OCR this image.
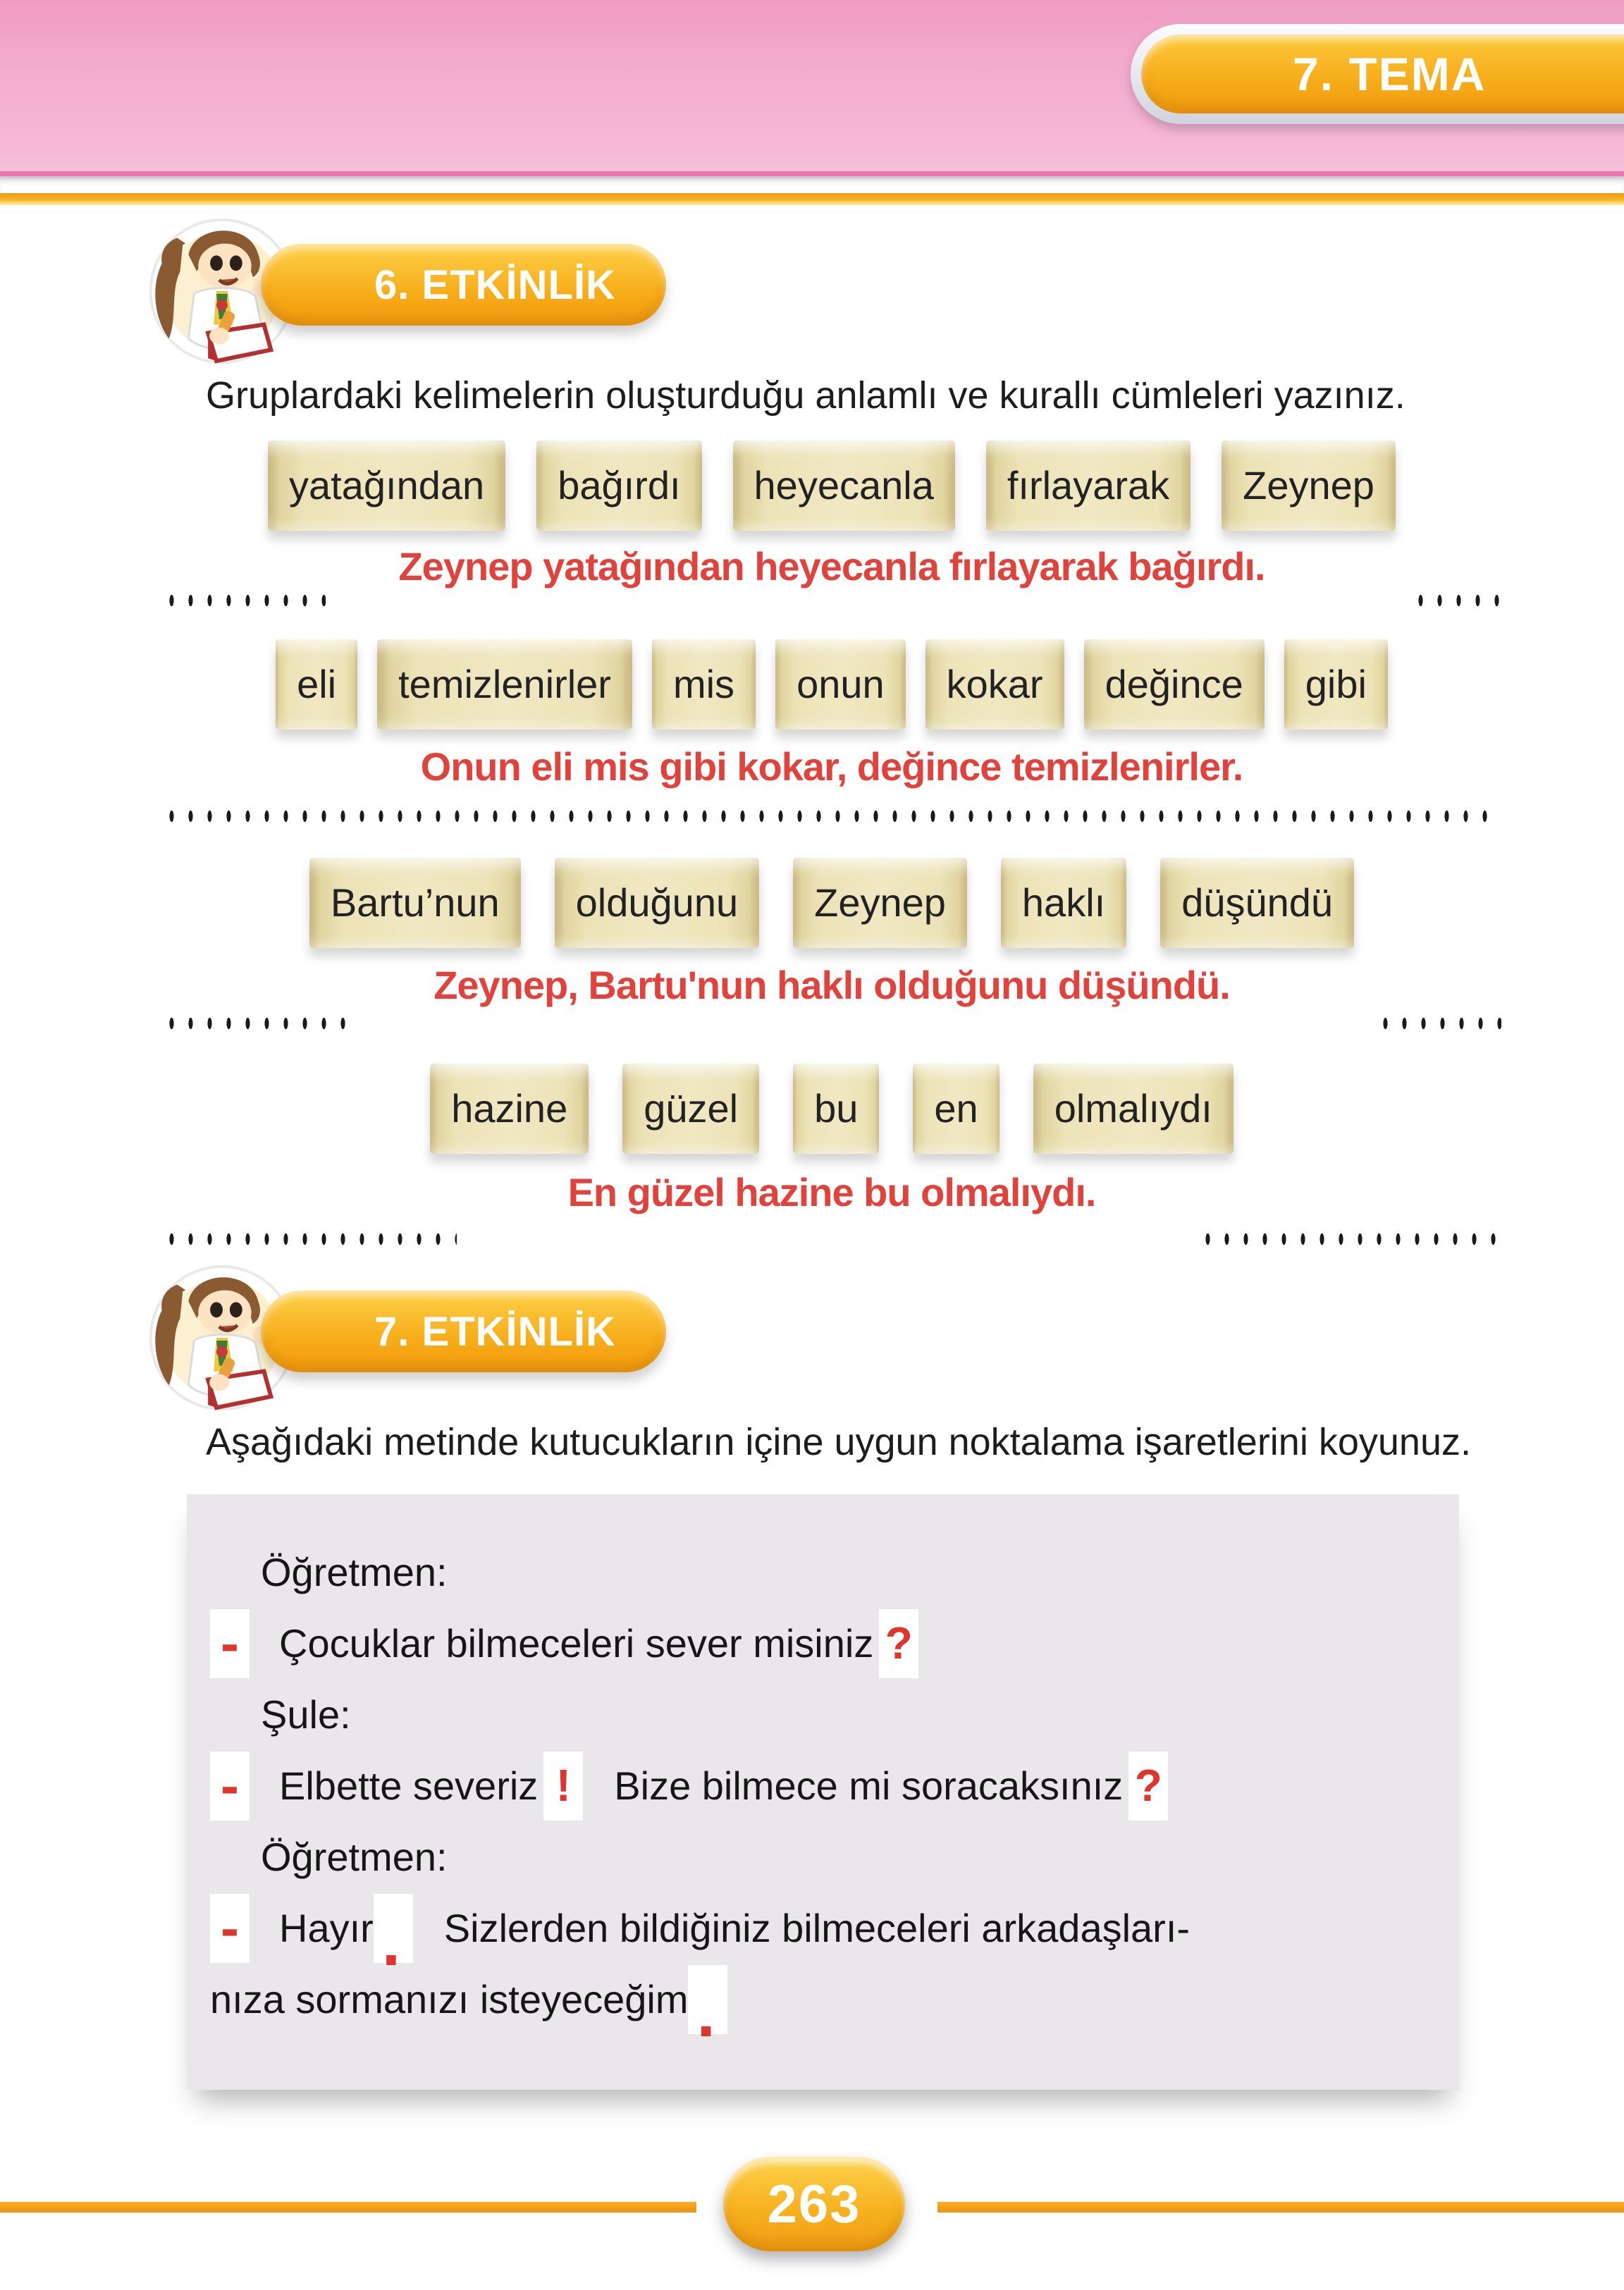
7. TEMA
6. ETKİNLİK

Gruplardaki kelimelerin oluşturduğu anlamlı ve kurallı cümleleri yazınız.

yatağından	bağırdı	heyecanla	fırlayarak	Zeynep
Zeynep yatağından heyecanla fırlayarak bağırdı.
eli	temizlenirler	mis	onun	kokar	değince	gibi
Onun eli mis gibi kokar, değince temizlenirler.
Bartu’nun	olduğunu	Zeynep	haklı	düşündü
Zeynep, Bartu'nun haklı olduğunu düşündü.
hazine	güzel	bu	en	olmalıydı
En güzel hazine bu olmalıydı.
7. ETKİNLİK

Aşağıdaki metinde kutucukların içine uygun noktalama işaretlerini koyunuz.

Öğretmen:
- Çocuklar bilmeceleri sever misiniz ?
Şule:
- Elbette severiz !	Bize bilmece mi soracaksınız ?
Öğretmen:
- Hayır .	Sizlerden bildiğiniz bilmeceleri arkadaşları-
nıza sormanızı isteyeceğim .
263
